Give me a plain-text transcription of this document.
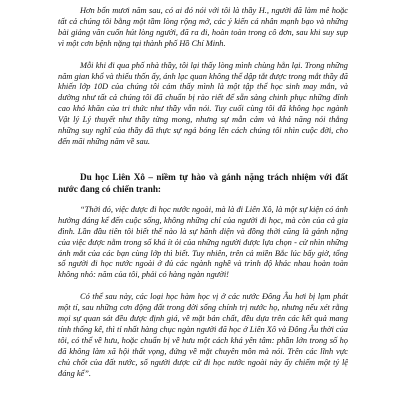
Hơn bốn mươi năm sau, có ai đó nói với tôi là thầy H., người đã làm mê hoặc tất cả chúng tôi bằng một tầm lòng rộng mở, các ý kiến cá nhân mạnh bạo và những bài giảng văn cuốn hút lòng người, đã ra đi, hoàn toàn trong cô đơn, sau khi suy sụp vì một cơn bệnh nặng tại thành phố Hồ Chí Minh.

Mỗi khi đi qua phố nhà thầy, tôi lại thấy lòng mình chùng hẳn lại. Trong những năm gian khổ và thiếu thốn ấy, ánh lạc quan không thể dập tắt được trong mắt thầy đã khiến lớp 10D của chúng tôi cảm thấy mình là một tập thể học sinh may mắn, và dường như tất cả chúng tôi đã chuẩn bị rào riết để sẵn sàng chinh phục những đỉnh cao khó khăn của tri thức như thầy vẫn nói. Tuy cuối cùng tôi đã không học ngành Vật lý Lý thuyết như thầy từng mong, nhưng sự mẫn cảm và khả năng nói thẳng những suy nghĩ của thầy đã thực sự ngả bóng lên cách chúng tôi nhìn cuộc đời, cho đến mãi những năm về sau.

Du học Liên Xô – niềm tự hào và gánh nặng trách nhiệm với đất nước đang có chiến tranh:

“Thời đó, việc được đi học nước ngoài, mà là đi Liên Xô, là một sự kiện có ảnh hưởng đáng kể đến cuộc sống, không những chỉ của người đi học, mà còn của cả gia đình. Lần đầu tiên tôi biết thế nào là sự hãnh diện và đồng thời cũng là gánh nặng của việc được nằm trong số khá ít ỏi của những người được lựa chọn - cử nhìn những ánh mắt của các bạn cùng lớp thì biết. Tuy nhiên, trên cả miền Bắc lúc bấy giờ, tổng số người đi học nước ngoài ở đủ các ngành nghề và trình độ khác nhau hoàn toàn không nhỏ: năm của tôi, phải có hàng ngàn người!

Có thể sau này, các loại học hàm học vị ở các nước Đông Âu hơi bị lạm phát một tí, sau những cơn động đất trong đời sống chính trị nước họ, nhưng nếu xét rằng mọi sự quan sát đều được định giá, về mặt bản chất, đều dựa trên các kết quả mang tính thống kê, thì tỉ nhất hàng chục ngàn người đã học ở Liên Xô và Đông Âu thời của tôi, có thể về hưu, hoặc chuẩn bị về hưu một cách khá yên tâm: phần lớn trong số họ đã không làm xã hội thất vọng, đứng về mặt chuyên môn mà nói. Trên các lĩnh vực chủ chốt của đất nước, số người được cử đi học nước ngoài này ấy chiếm một tỷ lệ đáng kể”.
